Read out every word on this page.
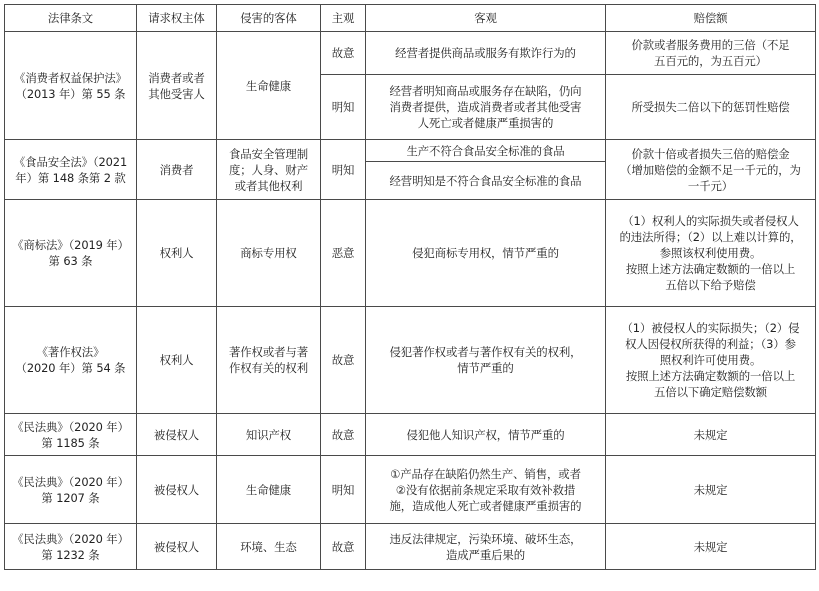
法律条文	请求权主体	侵害的客体	主观	客观	赔偿额

《消费者权益保护法》
（2013 年）第 55 条	消费者或者
其他受害人	生命健康	故意	经营者提供商品或服务有欺诈行为的	价款或者服务费用的三倍（不足
五百元的，为五百元）

			明知	经营者明知商品或服务存在缺陷，仍向
消费者提供，造成消费者或者其他受害
人死亡或者健康严重损害的	所受损失二倍以下的惩罚性赔偿

《食品安全法》（2021
年）第 148 条第 2 款	消费者	食品安全管理制
度；人身、财产
或者其他权利	明知	生产不符合食品安全标准的食品	价款十倍或者损失三倍的赔偿金
（增加赔偿的金额不足一千元的，为
一千元）

				经营明知是不符合食品安全标准的食品	

《商标法》（2019 年）
第 63 条	权利人	商标专用权	恶意	侵犯商标专用权，情节严重的	（1）权利人的实际损失或者侵权人
的违法所得；（2）以上难以计算的，
参照该权利使用费。
按照上述方法确定数额的一倍以上
五倍以下给予赔偿

《著作权法》
（2020 年）第 54 条	权利人	著作权或者与著
作权有关的权利	故意	侵犯著作权或者与著作权有关的权利，
情节严重的	（1）被侵权人的实际损失；（2）侵
权人因侵权所获得的利益；（3）参
照权利许可使用费。
按照上述方法确定数额的一倍以上
五倍以下确定赔偿数额

《民法典》（2020 年）
第 1185 条	被侵权人	知识产权	故意	侵犯他人知识产权，情节严重的	未规定

《民法典》（2020 年）
第 1207 条	被侵权人	生命健康	明知	①产品存在缺陷仍然生产、销售，或者
②没有依据前条规定采取有效补救措
施，造成他人死亡或者健康严重损害的	未规定

《民法典》（2020 年）
第 1232 条	被侵权人	环境、生态	故意	违反法律规定，污染环境、破坏生态，
造成严重后果的	未规定
